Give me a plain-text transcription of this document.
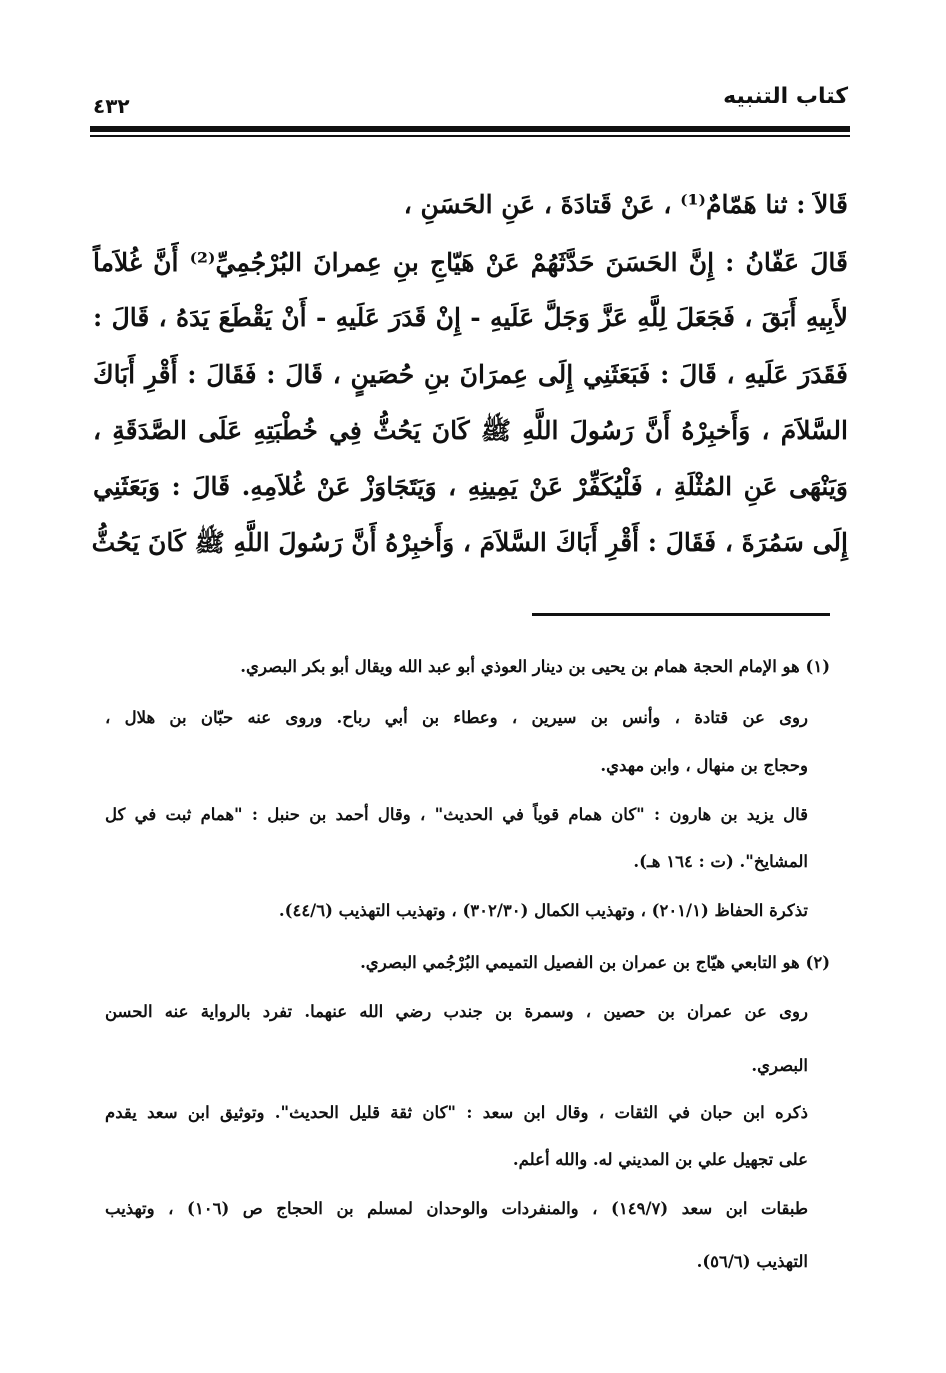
كتاب التنبيه
٤٣٢
قَالاَ : ثنا هَمّامٌ⁽¹⁾ ، عَنْ قَتادَةَ ، عَنِ الحَسَنِ ،
قَالَ عَفّانُ : إِنَّ الحَسَنَ حَدَّثَهُمْ عَنْ هَيّاجِ بنِ عِمرانَ البُرْجُمِيِّ⁽²⁾ أَنَّ غُلاَماً
لأَبِيهِ أَبَقَ ، فَجَعَلَ لِلَّهِ عَزَّ وَجَلَّ عَلَيهِ - إِنْ قَدَرَ عَلَيهِ - أَنْ يَقْطَعَ يَدَهُ ، قَالَ :
فَقَدَرَ عَلَيهِ ، قَالَ : فَبَعَثَنِي إِلَى عِمرَانَ بنِ حُصَينٍ ، قَالَ : فَقَالَ : أَقْرِ أَبَاكَ
السَّلاَمَ ، وَأَخبِرْهُ أَنَّ رَسُولَ اللَّهِ ﷺ كَانَ يَحُثُّ فِي خُطْبَتِهِ عَلَى الصَّدَقَةِ ،
وَيَنْهَى عَنِ المُثْلَةِ ، فَلْيُكَفِّرْ عَنْ يَمِينِهِ ، وَيَتَجَاوَزْ عَنْ غُلاَمِهِ. قَالَ : وَبَعَثَنِي
إِلَى سَمُرَةَ ، فَقَالَ : أَقْرِ أَبَاكَ السَّلاَمَ ، وَأَخبِرْهُ أَنَّ رَسُولَ اللَّهِ ﷺ كَانَ يَحُثُّ
(١) هو الإمام الحجة همام بن يحيى بن دينار العوذي أبو عبد الله ويقال أبو بكر البصري.
روى عن قتادة ، وأنس بن سيرين ، وعطاء بن أبي رباح. وروى عنه حبّان بن هلال ،
وحجاج بن منهال ، وابن مهدي.
قال يزيد بن هارون : "كان همام قوياً في الحديث" ، وقال أحمد بن حنبل : "همام ثبت في كل
المشايخ". (ت : ١٦٤ هـ).
تذكرة الحفاظ (٢٠١/١) ، وتهذيب الكمال (٣٠٢/٣٠) ، وتهذيب التهذيب (٤٤/٦).
(٢) هو التابعي هيّاج بن عمران بن الفصيل التميمي البُرْجُمي البصري.
روى عن عمران بن حصين ، وسمرة بن جندب رضي الله عنهما. تفرد بالرواية عنه الحسن
البصري.
ذكره ابن حبان في الثقات ، وقال ابن سعد : "كان ثقة قليل الحديث". وتوثيق ابن سعد يقدم
على تجهيل علي بن المديني له. والله أعلم.
طبقات ابن سعد (١٤٩/٧) ، والمنفردات والوحدان لمسلم بن الحجاج ص (١٠٦) ، وتهذيب
التهذيب (٥٦/٦).
